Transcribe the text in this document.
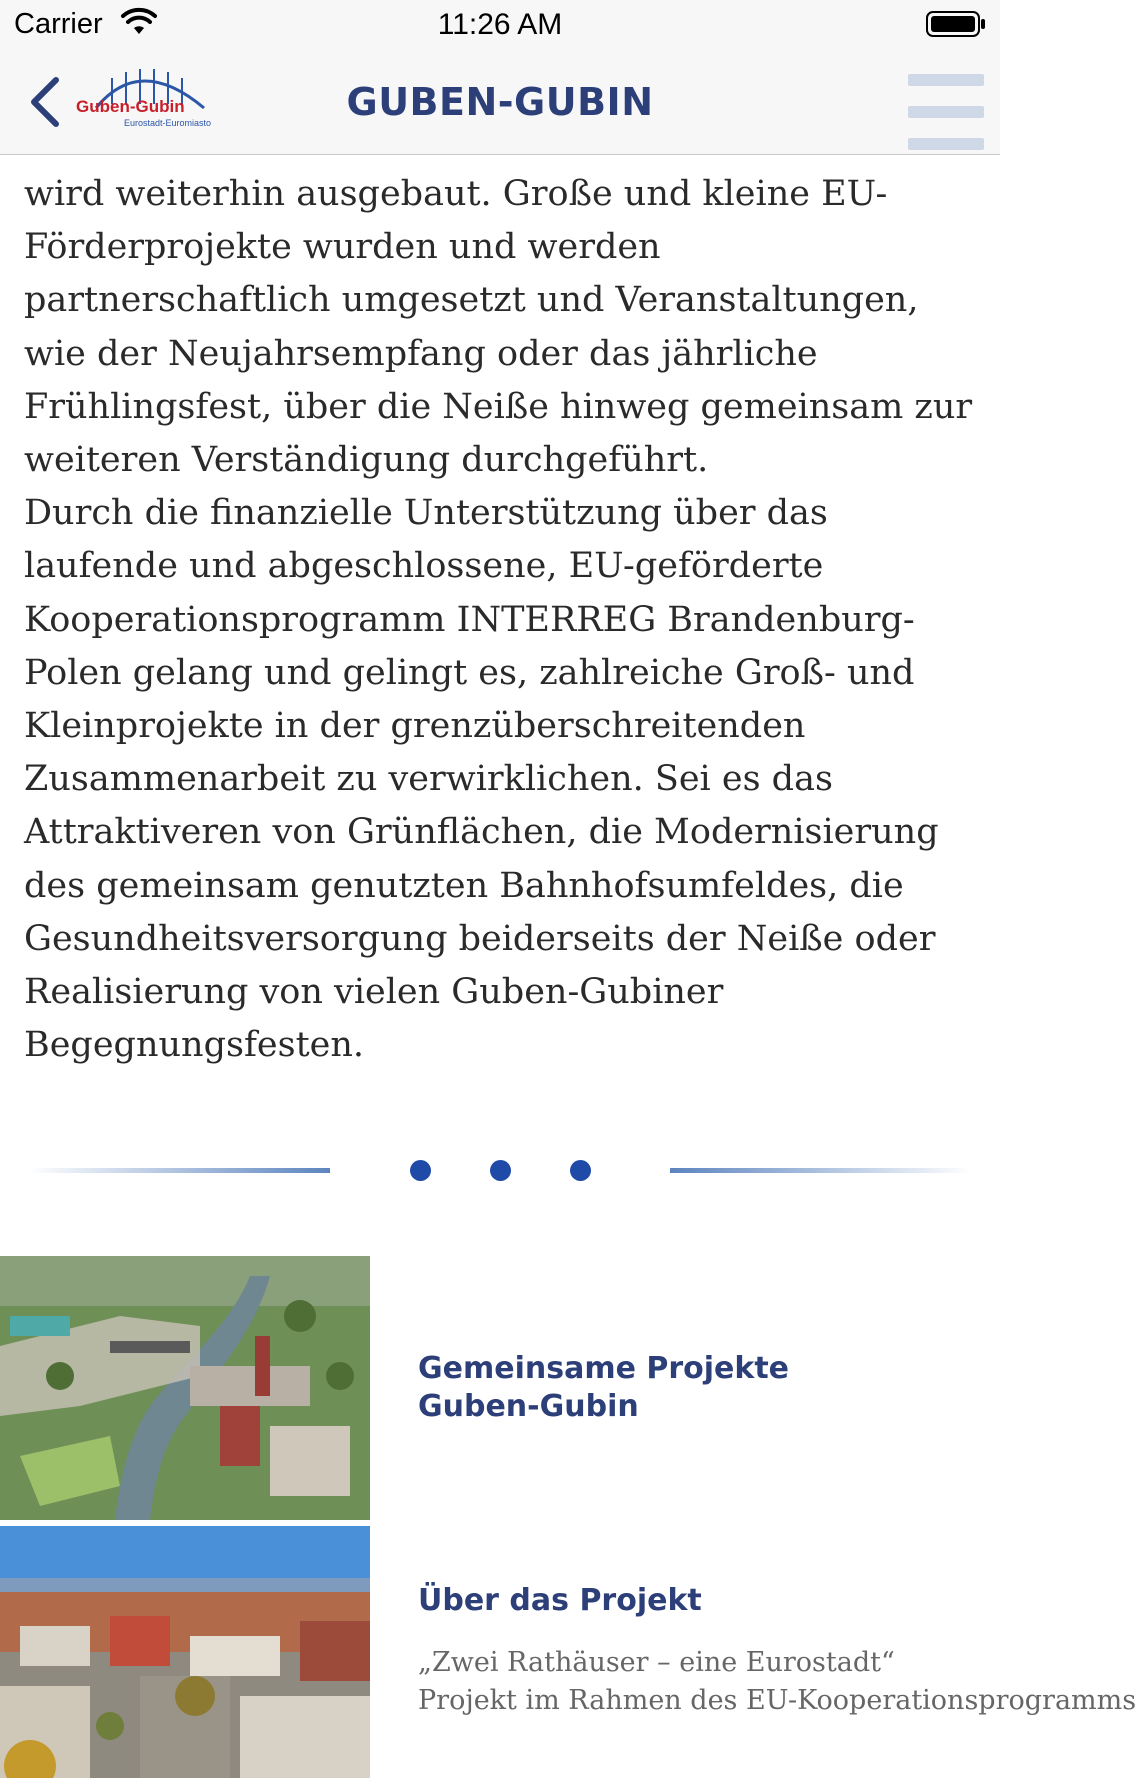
Carrier	11:26 AM
Guben-Gubin
Eurostadt-Euromiasto	GUBEN-GUBIN
wird weiterhin ausgebaut. Große und kleine EU-
Förderprojekte wurden und werden
partnerschaftlich umgesetzt und Veranstaltungen,
wie der Neujahrsempfang oder das jährliche
Frühlingsfest, über die Neiße hinweg gemeinsam zur
weiteren Verständigung durchgeführt.
Durch die finanzielle Unterstützung über das
laufende und abgeschlossene, EU-geförderte
Kooperationsprogramm INTERREG Brandenburg-
Polen gelang und gelingt es, zahlreiche Groß- und
Kleinprojekte in der grenzüberschreitenden
Zusammenarbeit zu verwirklichen. Sei es das
Attraktiveren von Grünflächen, die Modernisierung
des gemeinsam genutzten Bahnhofsumfeldes, die
Gesundheitsversorgung beiderseits der Neiße oder
Realisierung von vielen Guben-Gubiner
Begegnungsfesten.
Gemeinsame Projekte
Guben-Gubin
Über das Projekt
„Zwei Rathäuser – eine Eurostadt“
Projekt im Rahmen des EU-Kooperationsprogramms
